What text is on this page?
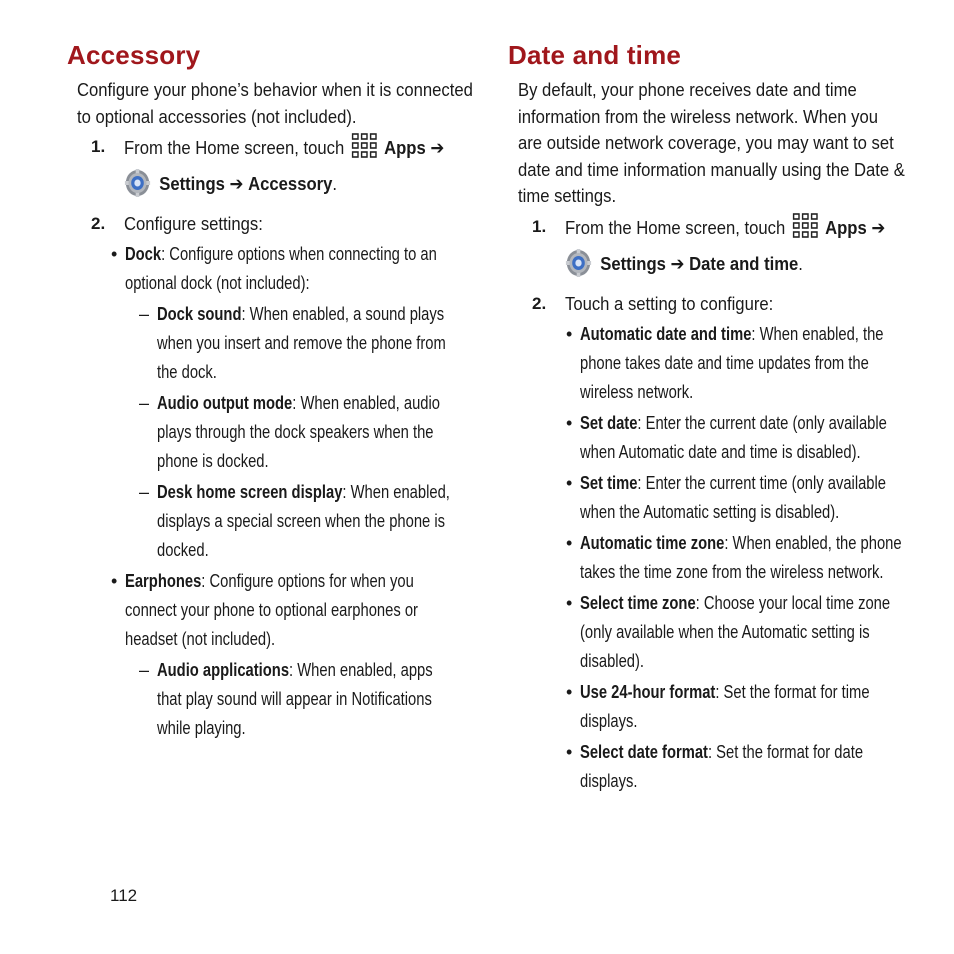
Accessory

Configure your phone’s behavior when it is connected to optional accessories (not included).

1. From the Home screen, touch Apps ➔
Settings ➔ Accessory.
2. Configure settings:
• Dock: Configure options when connecting to an optional dock (not included):
– Dock sound: When enabled, a sound plays when you insert and remove the phone from the dock.
– Audio output mode: When enabled, audio plays through the dock speakers when the phone is docked.
– Desk home screen display: When enabled, displays a special screen when the phone is docked.
• Earphones: Configure options for when you connect your phone to optional earphones or headset (not included).
– Audio applications: When enabled, apps that play sound will appear in Notifications while playing.
Date and time

By default, your phone receives date and time information from the wireless network. When you are outside network coverage, you may want to set date and time information manually using the Date & time settings.

1. From the Home screen, touch Apps ➔
Settings ➔ Date and time.
2. Touch a setting to configure:
• Automatic date and time: When enabled, the phone takes date and time updates from the wireless network.
• Set date: Enter the current date (only available when Automatic date and time is disabled).
• Set time: Enter the current time (only available when the Automatic setting is disabled).
• Automatic time zone: When enabled, the phone takes the time zone from the wireless network.
• Select time zone: Choose your local time zone (only available when the Automatic setting is disabled).
• Use 24-hour format: Set the format for time displays.
• Select date format: Set the format for date displays.
112
